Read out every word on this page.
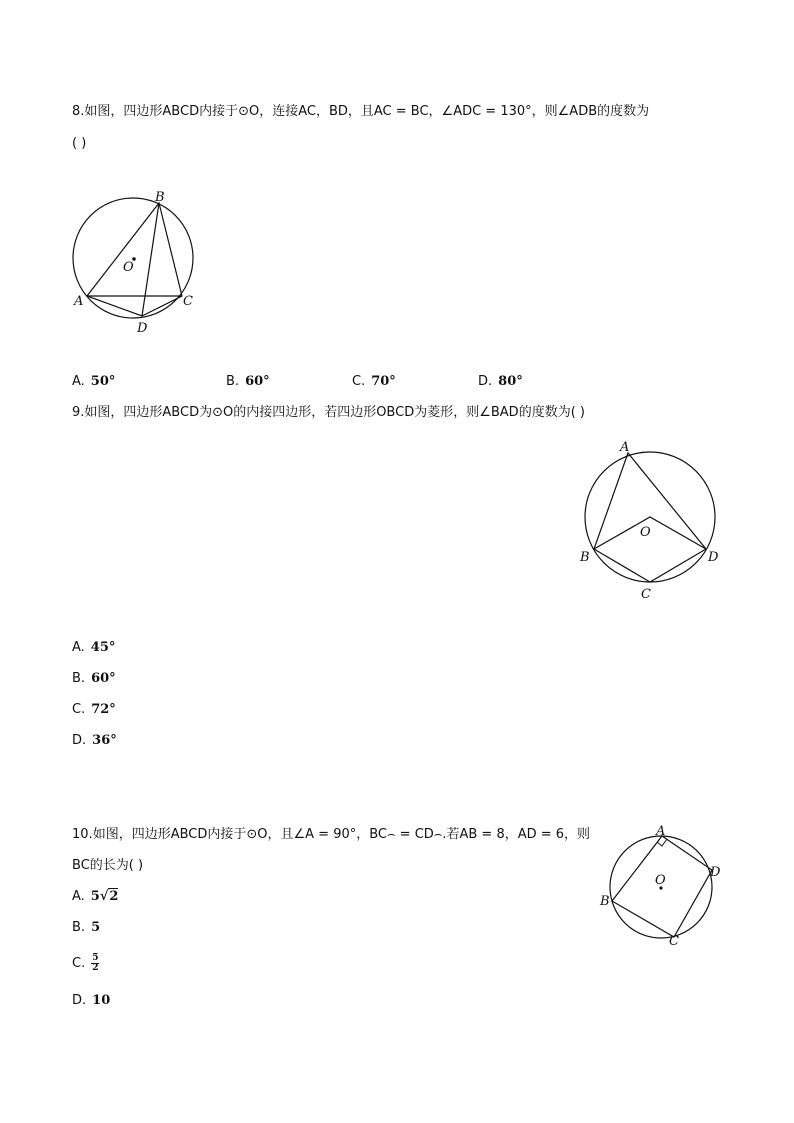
8.如图，四边形ABCD内接于⊙O，连接AC，BD，且AC = BC，∠ADC = 130°，则∠ADB的度数为
( )
B
O
A	C
D
A. 50°	B. 60°	C. 70°	D. 80°
9.如图，四边形ABCD为⊙O的内接四边形，若四边形OBCD为菱形，则∠BAD的度数为( )
A
O
B	D
C
A. 45°
B. 60°
C. 72°
D. 36°
10.如图，四边形ABCD内接于⊙O，且∠A = 90°，BC⌢ = CD⌢.若AB = 8，AD = 6，则
BC的长为( )
A
D
O
B
C
A. 5√2
B. 5
C. $\frac{5}{2}$
D. 10
